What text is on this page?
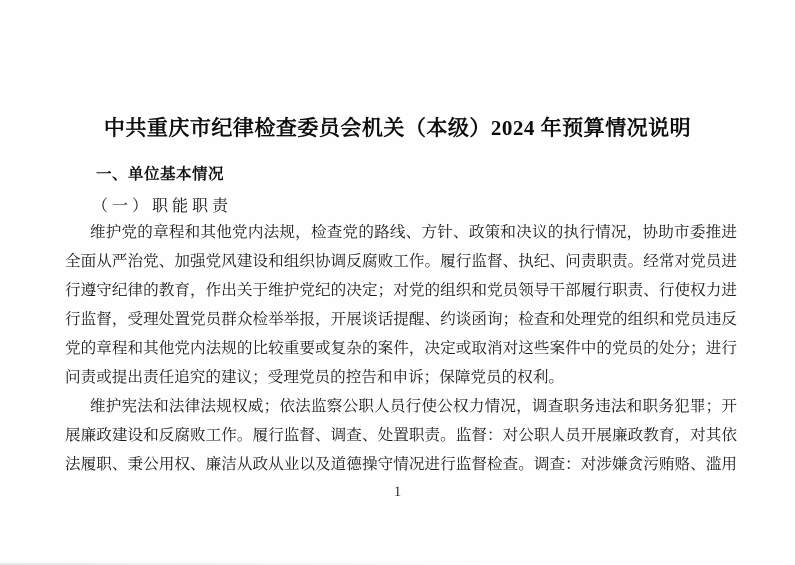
中共重庆市纪律检查委员会机关（本级）2024 年预算情况说明
一、单位基本情况
（一）职能职责

维护党的章程和其他党内法规，检查党的路线、方针、政策和决议的执行情况，协助市委推进全面从严治党、加强党风建设和组织协调反腐败工作。履行监督、执纪、问责职责。经常对党员进行遵守纪律的教育，作出关于维护党纪的决定；对党的组织和党员领导干部履行职责、行使权力进行监督，受理处置党员群众检举举报，开展谈话提醒、约谈函询；检查和处理党的组织和党员违反党的章程和其他党内法规的比较重要或复杂的案件，决定或取消对这些案件中的党员的处分；进行问责或提出责任追究的建议；受理党员的控告和申诉；保障党员的权利。

维护宪法和法律法规权威；依法监察公职人员行使公权力情况，调查职务违法和职务犯罪；开展廉政建设和反腐败工作。履行监督、调查、处置职责。监督：对公职人员开展廉政教育，对其依法履职、秉公用权、廉洁从政从业以及道德操守情况进行监督检查。调查：对涉嫌贪污贿赂、滥用

1
